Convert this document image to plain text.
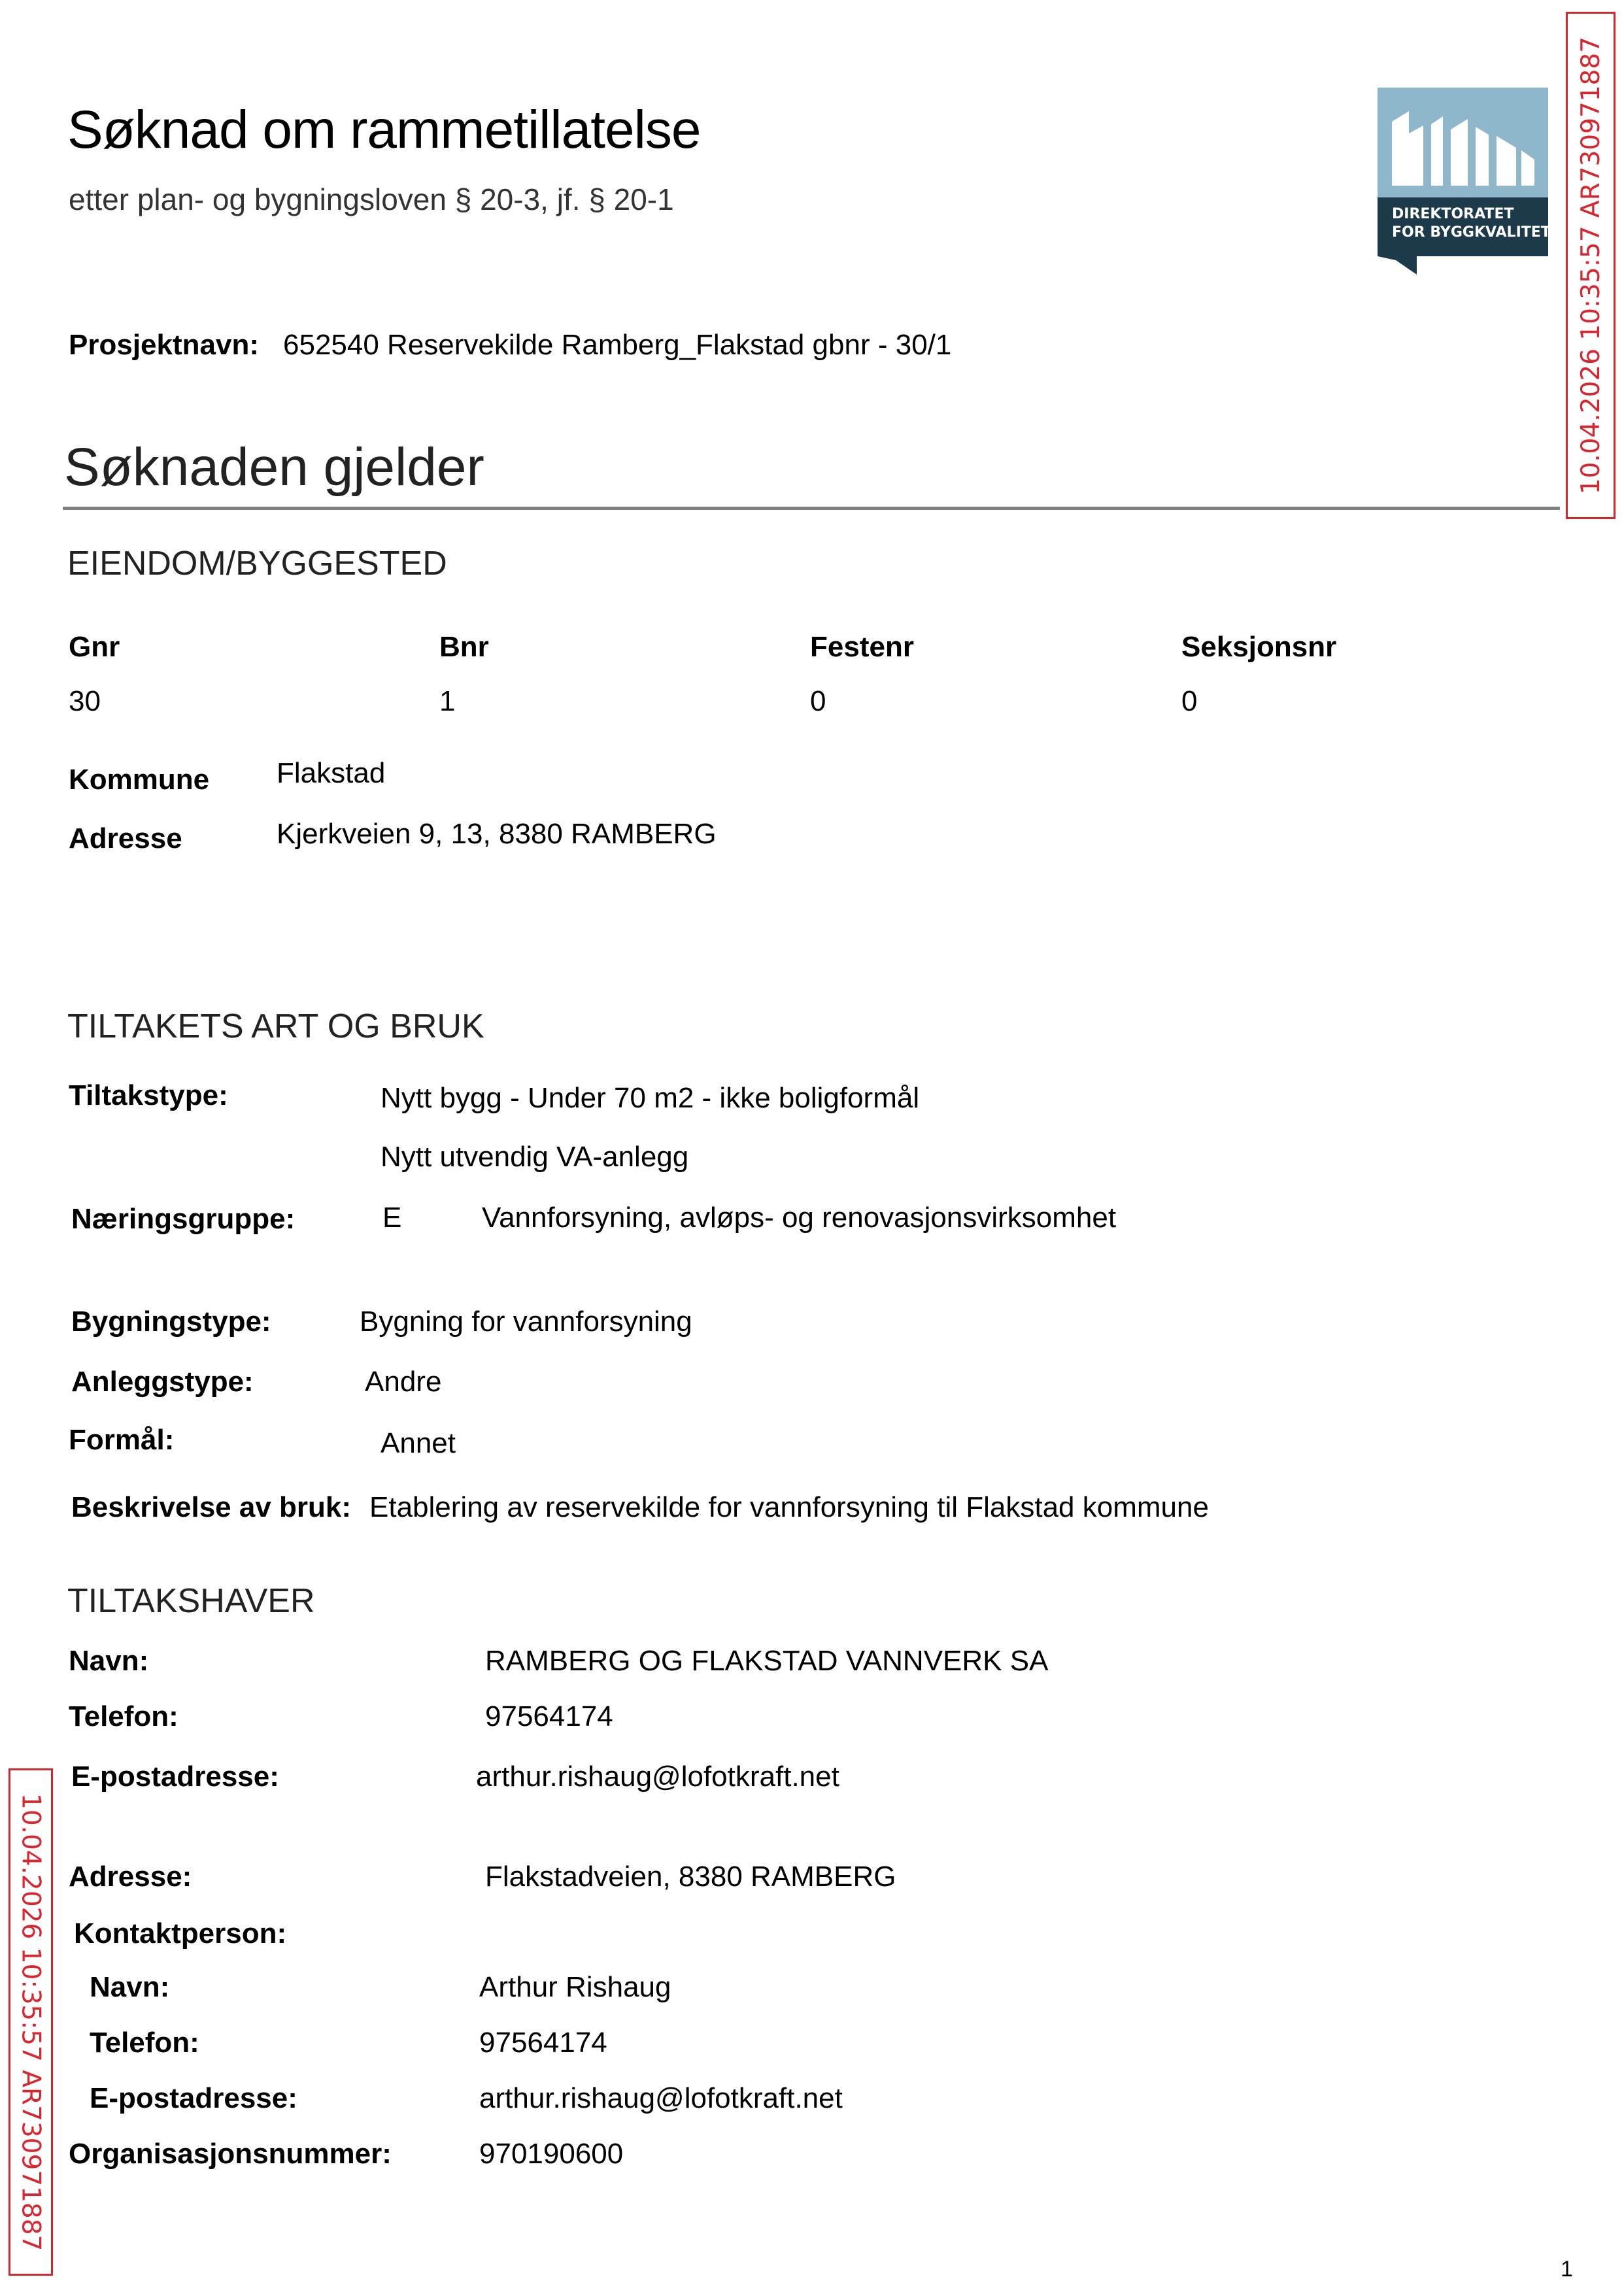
Søknad om rammetillatelse
etter plan- og bygningsloven § 20-3, jf. § 20-1	DIREKTORATET
FOR BYGGKVALITET 10.04.2026 10:35:57 AR730971887
10.04.2026 10:35:57 AR730971887
Prosjektnavn: 652540 Reservekilde Ramberg_Flakstad gbnr - 30/1
Søknaden gjelder
EIENDOM/BYGGESTED
Gnr	Bnr	Festenr	Seksjonsnr
30	1	0	0
Kommune Flakstad
Adresse	Kjerkveien 9, 13, 8380 RAMBERG
TILTAKETS ART OG BRUK
Tiltakstype:	Nytt bygg - Under 70 m2 - ikke boligformål
Nytt utvendig VA-anlegg
Næringsgruppe:	E	Vannforsyning, avløps- og renovasjonsvirksomhet
Bygningstype:	Bygning for vannforsyning
Anleggstype:	Andre
Formål:	Annet
Beskrivelse av bruk: Etablering av reservekilde for vannforsyning til Flakstad kommune
TILTAKSHAVER
Navn:	RAMBERG OG FLAKSTAD VANNVERK SA
Telefon:	97564174
E-postadresse:	arthur.rishaug@lofotkraft.net
Adresse:	Flakstadveien, 8380 RAMBERG
Kontaktperson:
Navn:	Arthur Rishaug
Telefon:	97564174
E-postadresse:	arthur.rishaug@lofotkraft.net
Organisasjonsnummer:	970190600
1
